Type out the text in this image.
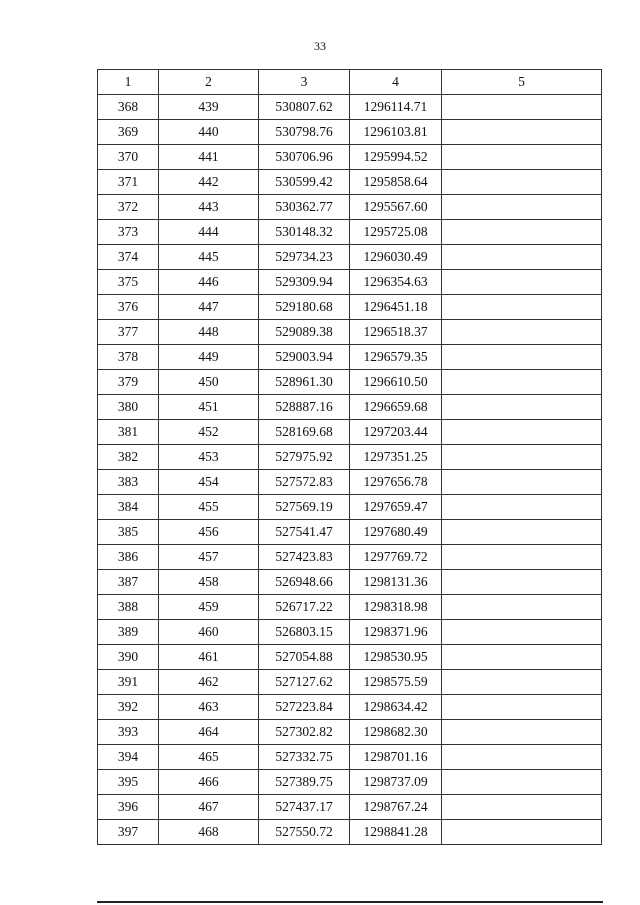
33
1	2	3	4	5
368	439	530807.62	1296114.71	
369	440	530798.76	1296103.81	
370	441	530706.96	1295994.52	
371	442	530599.42	1295858.64	
372	443	530362.77	1295567.60	
373	444	530148.32	1295725.08	
374	445	529734.23	1296030.49	
375	446	529309.94	1296354.63	
376	447	529180.68	1296451.18	
377	448	529089.38	1296518.37	
378	449	529003.94	1296579.35	
379	450	528961.30	1296610.50	
380	451	528887.16	1296659.68	
381	452	528169.68	1297203.44	
382	453	527975.92	1297351.25	
383	454	527572.83	1297656.78	
384	455	527569.19	1297659.47	
385	456	527541.47	1297680.49	
386	457	527423.83	1297769.72	
387	458	526948.66	1298131.36	
388	459	526717.22	1298318.98	
389	460	526803.15	1298371.96	
390	461	527054.88	1298530.95	
391	462	527127.62	1298575.59	
392	463	527223.84	1298634.42	
393	464	527302.82	1298682.30	
394	465	527332.75	1298701.16	
395	466	527389.75	1298737.09	
396	467	527437.17	1298767.24	
397	468	527550.72	1298841.28	
